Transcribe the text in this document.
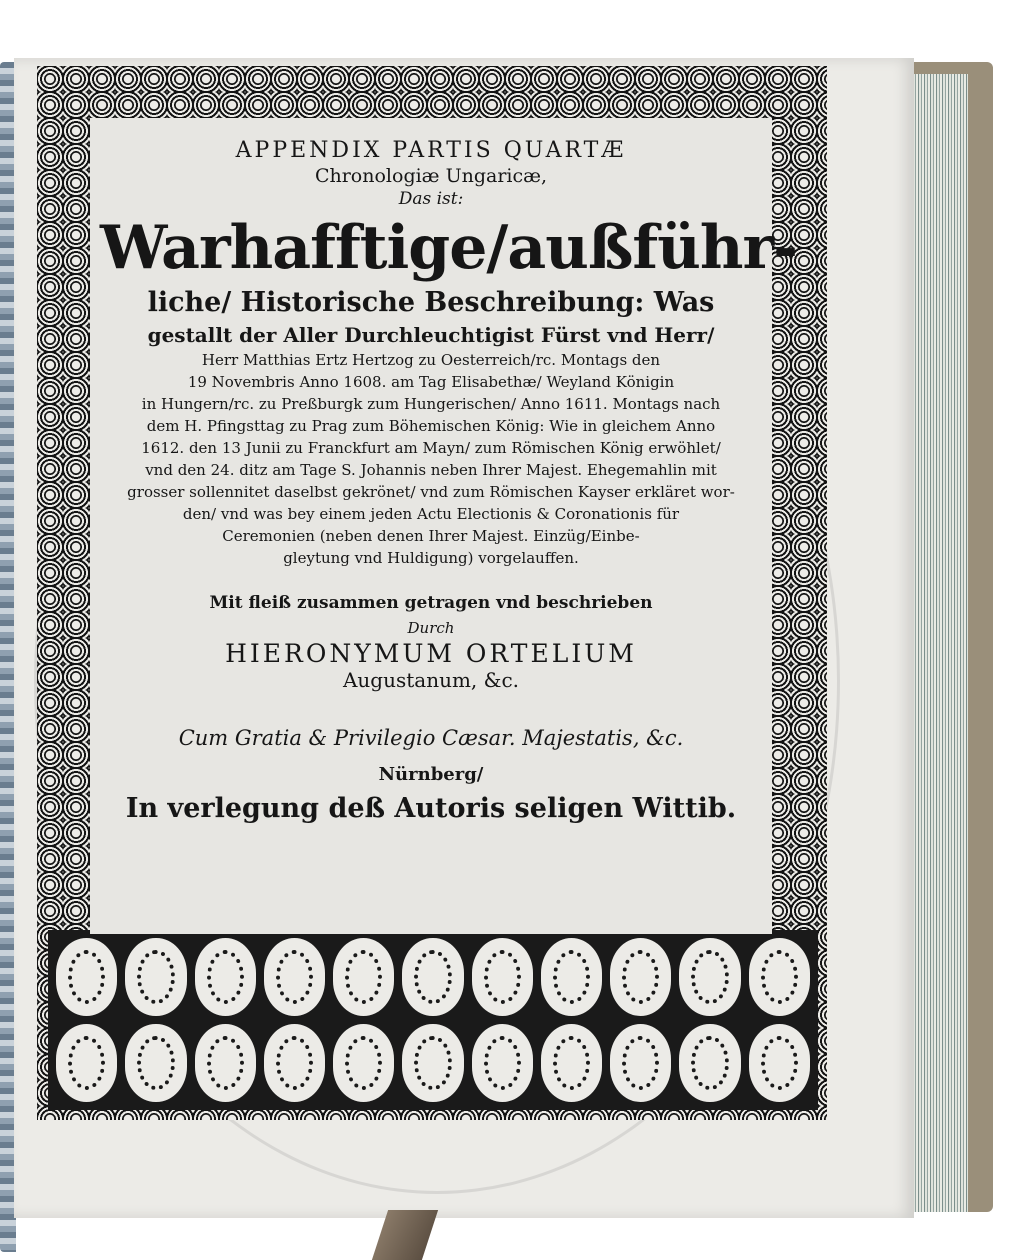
APPENDIX PARTIS QUARTÆ
Chronologiæ Ungaricæ,
Das ist:
Warhafftige/außführ-
liche/ Historische Beschreibung: Was
gestallt der Aller Durchleuchtigist Fürst vnd Herr/
Herr Matthias Ertz Hertzog zu Oesterreich/rc. Montags den
19 Novembris Anno 1608. am Tag Elisabethæ/ Weyland Königin
in Hungern/rc. zu Preßburgk zum Hungerischen/ Anno 1611. Montags nach
dem H. Pfingsttag zu Prag zum Böhemischen König: Wie in gleichem Anno
1612. den 13 Junii zu Franckfurt am Mayn/ zum Römischen König erwöhlet/
vnd den 24. ditz am Tage S. Johannis neben Ihrer Majest. Ehegemahlin mit
grosser sollennitet daselbst gekrönet/ vnd zum Römischen Kayser erkläret wor-
den/ vnd was bey einem jeden Actu Electionis & Coronationis für
Ceremonien (neben denen Ihrer Majest. Einzüg/Einbe-
gleytung vnd Huldigung) vorgelauffen.
Mit fleiß zusammen getragen vnd beschrieben
Durch
HIERONYMUM ORTELIUM
Augustanum, &c.
Cum Gratia & Privilegio Cæsar. Majestatis, &c.
Nürnberg/
In verlegung deß Autoris seligen Wittib.
